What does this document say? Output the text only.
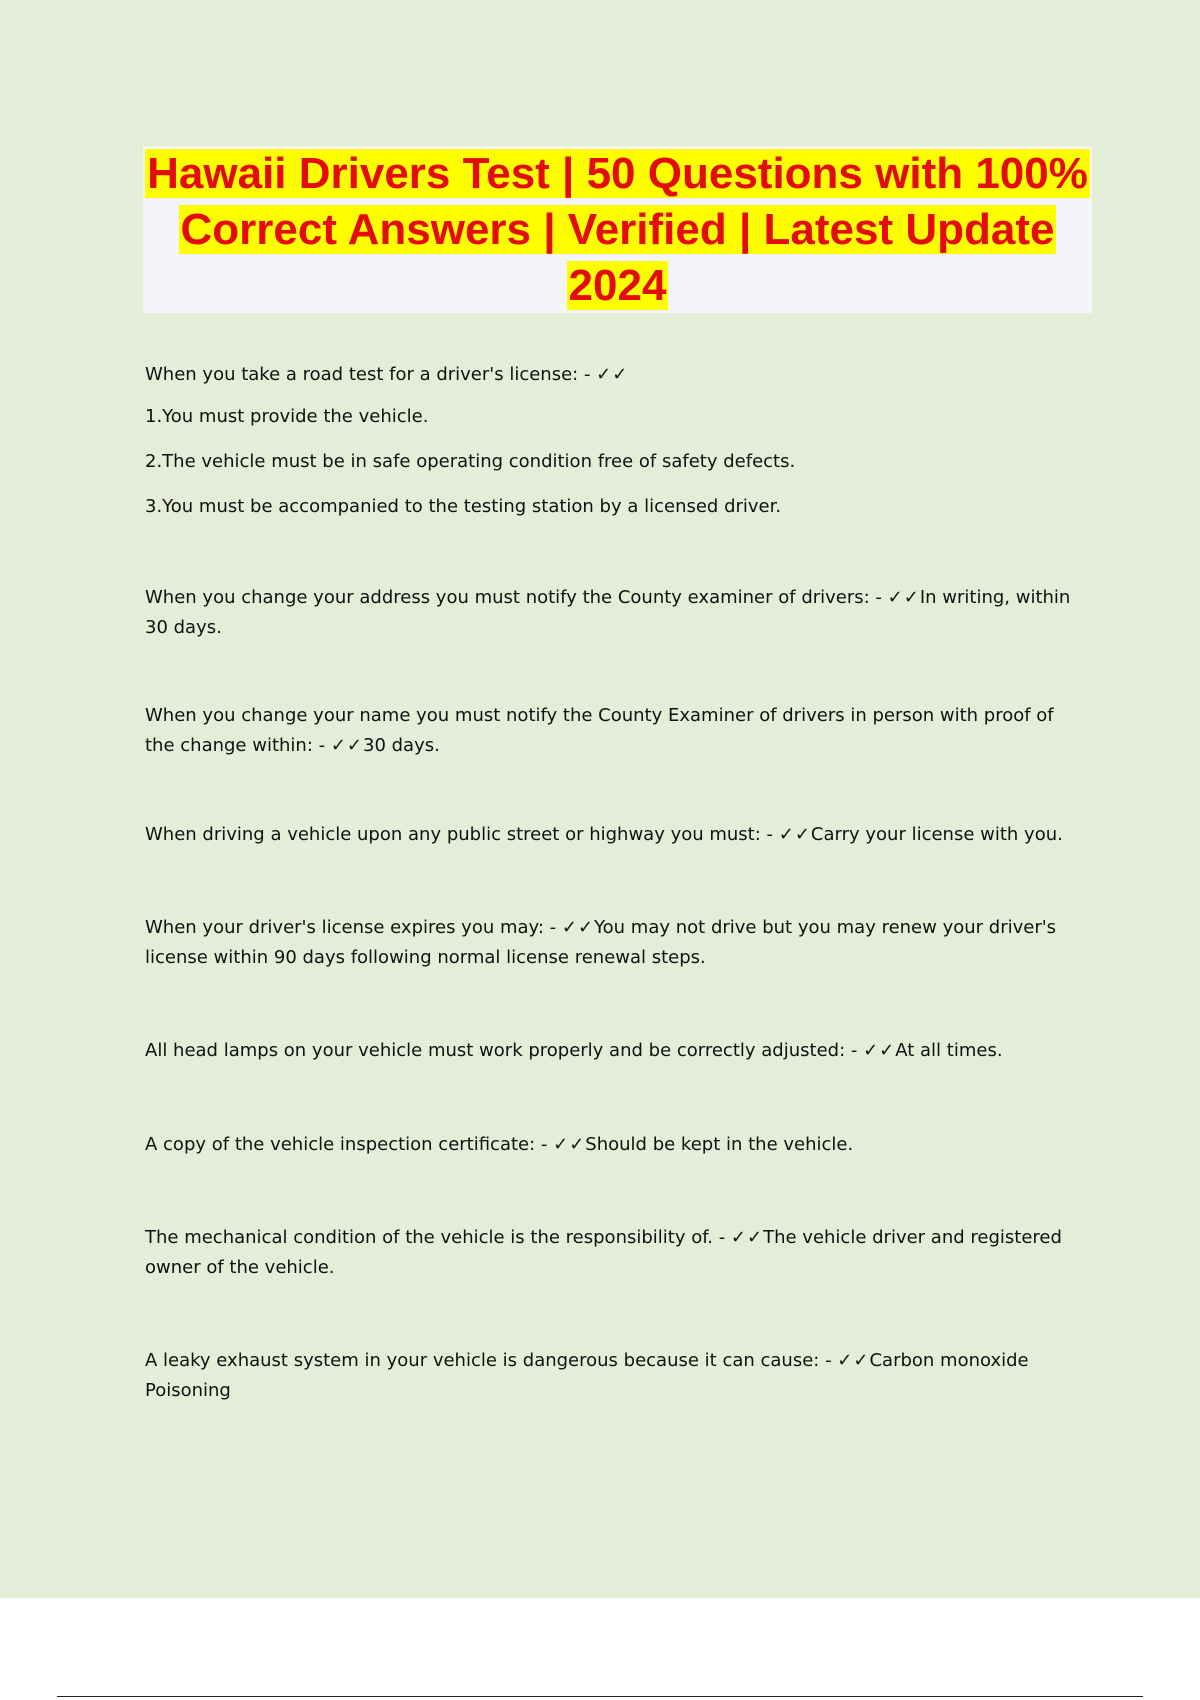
Hawaii Drivers Test | 50 Questions with 100% Correct Answers | Verified | Latest Update 2024

When you take a road test for a driver's license: - ✓✓

1.You must provide the vehicle.

2.The vehicle must be in safe operating condition free of safety defects.

3.You must be accompanied to the testing station by a licensed driver.

When you change your address you must notify the County examiner of drivers: - ✓✓In writing, within 30 days.

When you change your name you must notify the County Examiner of drivers in person with proof of the change within: - ✓✓30 days.

When driving a vehicle upon any public street or highway you must: - ✓✓Carry your license with you.

When your driver's license expires you may: - ✓✓You may not drive but you may renew your driver's license within 90 days following normal license renewal steps.

All head lamps on your vehicle must work properly and be correctly adjusted: - ✓✓At all times.

A copy of the vehicle inspection certificate: - ✓✓Should be kept in the vehicle.

The mechanical condition of the vehicle is the responsibility of. - ✓✓The vehicle driver and registered owner of the vehicle.

A leaky exhaust system in your vehicle is dangerous because it can cause: - ✓✓Carbon monoxide Poisoning
